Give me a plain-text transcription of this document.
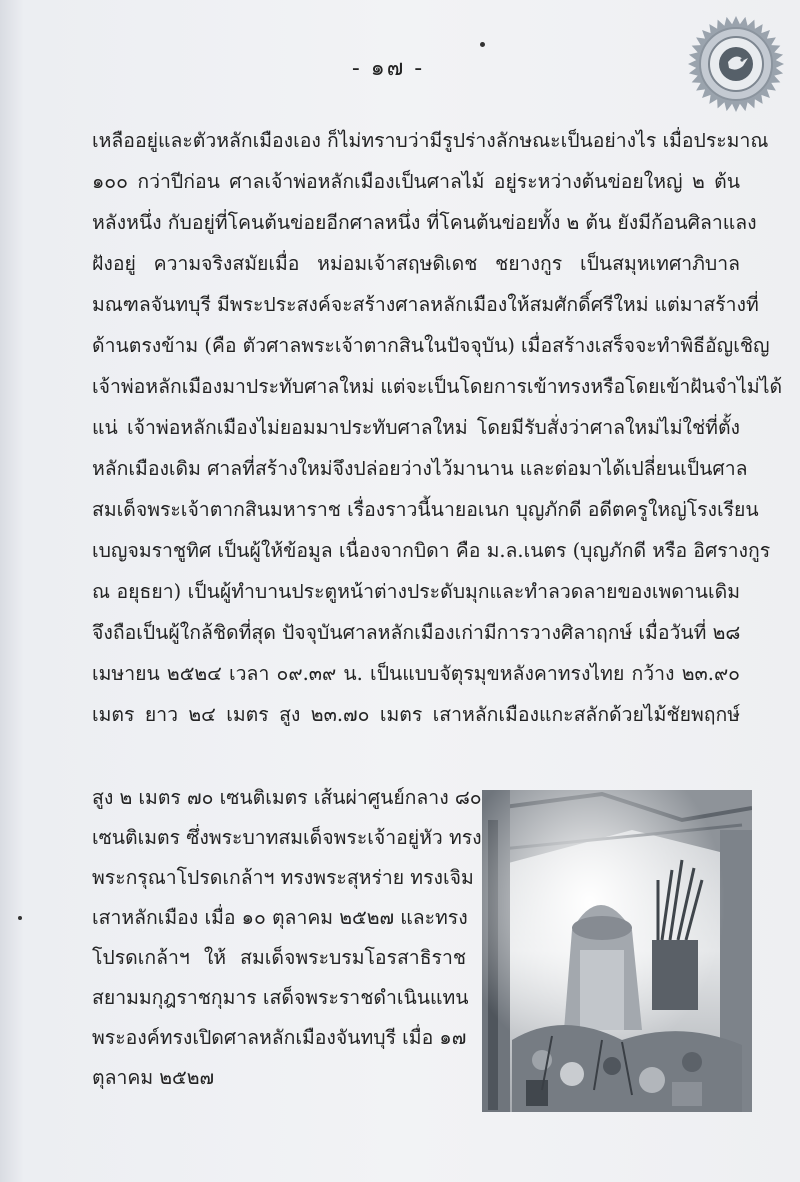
- ๑๗ -
เหลืออยู่และตัวหลักเมืองเอง ก็ไม่ทราบว่ามีรูปร่างลักษณะเป็นอย่างไร เมื่อประมาณ
๑๐๐ กว่าปีก่อน ศาลเจ้าพ่อหลักเมืองเป็นศาลไม้ อยู่ระหว่างต้นข่อยใหญ่ ๒ ต้น
หลังหนึ่ง กับอยู่ที่โคนต้นข่อยอีกศาลหนึ่ง ที่โคนต้นข่อยทั้ง ๒ ต้น ยังมีก้อนศิลาแลง
ฝังอยู่ ความจริงสมัยเมื่อ หม่อมเจ้าสฤษดิเดช ชยางกูร เป็นสมุหเทศาภิบาล
มณฑลจันทบุรี มีพระประสงค์จะสร้างศาลหลักเมืองให้สมศักดิ์ศรีใหม่ แต่มาสร้างที่
ด้านตรงข้าม (คือ ตัวศาลพระเจ้าตากสินในปัจจุบัน) เมื่อสร้างเสร็จจะทำพิธีอัญเชิญ
เจ้าพ่อหลักเมืองมาประทับศาลใหม่ แต่จะเป็นโดยการเข้าทรงหรือโดยเข้าฝันจำไม่ได้
แน่ เจ้าพ่อหลักเมืองไม่ยอมมาประทับศาลใหม่ โดยมีรับสั่งว่าศาลใหม่ไม่ใช่ที่ตั้ง
หลักเมืองเดิม ศาลที่สร้างใหม่จึงปล่อยว่างไว้มานาน และต่อมาได้เปลี่ยนเป็นศาล
สมเด็จพระเจ้าตากสินมหาราช เรื่องราวนี้นายอเนก บุญภักดี อดีตครูใหญ่โรงเรียน
เบญจมราชูทิศ เป็นผู้ให้ข้อมูล เนื่องจากบิดา คือ ม.ล.เนตร (บุญภักดี หรือ อิศรางกูร
ณ อยุธยา) เป็นผู้ทำบานประตูหน้าต่างประดับมุกและทำลวดลายของเพดานเดิม
จึงถือเป็นผู้ใกล้ชิดที่สุด ปัจจุบันศาลหลักเมืองเก่ามีการวางศิลาฤกษ์ เมื่อวันที่ ๒๘
เมษายน ๒๕๒๔ เวลา ๐๙.๓๙ น. เป็นแบบจัตุรมุขหลังคาทรงไทย กว้าง ๒๓.๙๐
เมตร ยาว ๒๔ เมตร สูง ๒๓.๗๐ เมตร เสาหลักเมืองแกะสลักด้วยไม้ชัยพฤกษ์
สูง ๒ เมตร ๗๐ เซนติเมตร เส้นผ่าศูนย์กลาง ๘๐
เซนติเมตร ซึ่งพระบาทสมเด็จพระเจ้าอยู่หัว ทรง
พระกรุณาโปรดเกล้าฯ ทรงพระสุหร่าย ทรงเจิม
เสาหลักเมือง เมื่อ ๑๐ ตุลาคม ๒๕๒๗ และทรง
โปรดเกล้าฯ ให้ สมเด็จพระบรมโอรสาธิราช
สยามมกุฎราชกุมาร เสด็จพระราชดำเนินแทน
พระองค์ทรงเปิดศาลหลักเมืองจันทบุรี เมื่อ ๑๗
ตุลาคม ๒๕๒๗
